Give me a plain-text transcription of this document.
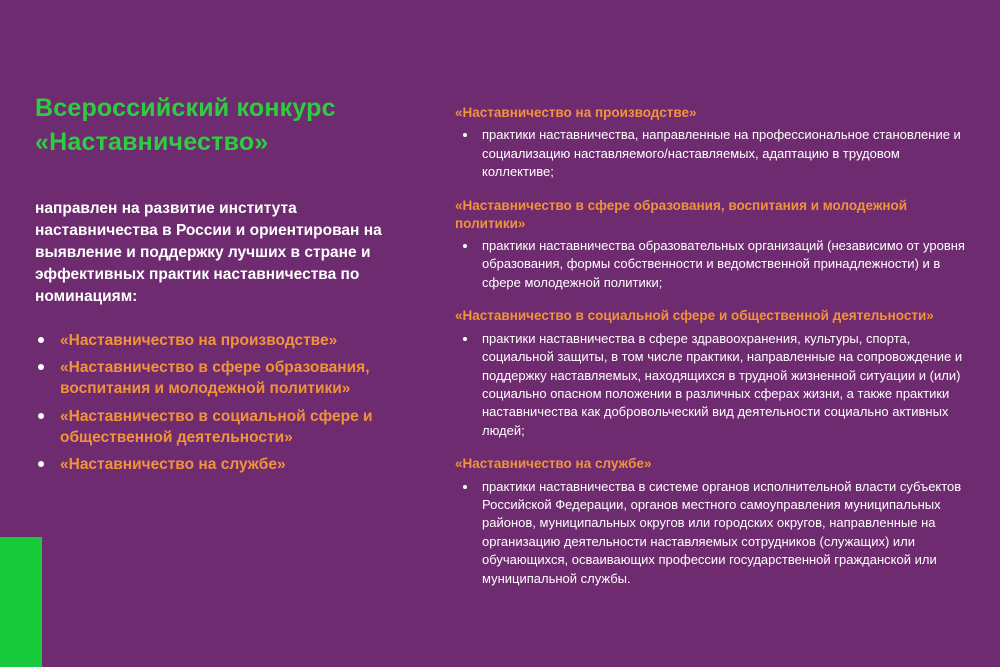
Всероссийский конкурс
«Наставничество»
направлен на развитие института наставничества в России и ориентирован на выявление и поддержку лучших в стране и эффективных практик наставничества по номинациям:
«Наставничество на производстве»
«Наставничество в сфере образования, воспитания и молодежной политики»
«Наставничество в социальной сфере и общественной деятельности»
«Наставничество на службе»
«Наставничество на производстве»
практики наставничества, направленные на профессиональное становление и социализацию наставляемого/наставляемых, адаптацию в трудовом коллективе;
«Наставничество в сфере образования, воспитания и молодежной политики»
практики наставничества образовательных организаций (независимо от уровня образования, формы собственности и ведомственной принадлежности) и в сфере молодежной политики;
«Наставничество в социальной сфере и общественной деятельности»
практики наставничества в сфере здравоохранения, культуры, спорта, социальной защиты, в том числе практики, направленные на сопровождение и поддержку наставляемых, находящихся в трудной жизненной ситуации и (или) социально опасном положении в различных сферах жизни, а также практики наставничества как добровольческий вид деятельности социально активных людей;
«Наставничество на службе»
практики наставничества в системе органов исполнительной власти субъектов Российской Федерации, органов местного самоуправления муниципальных районов, муниципальных округов или городских округов, направленные на организацию деятельности наставляемых сотрудников (служащих) или обучающихся, осваивающих профессии государственной гражданской или муниципальной службы.
